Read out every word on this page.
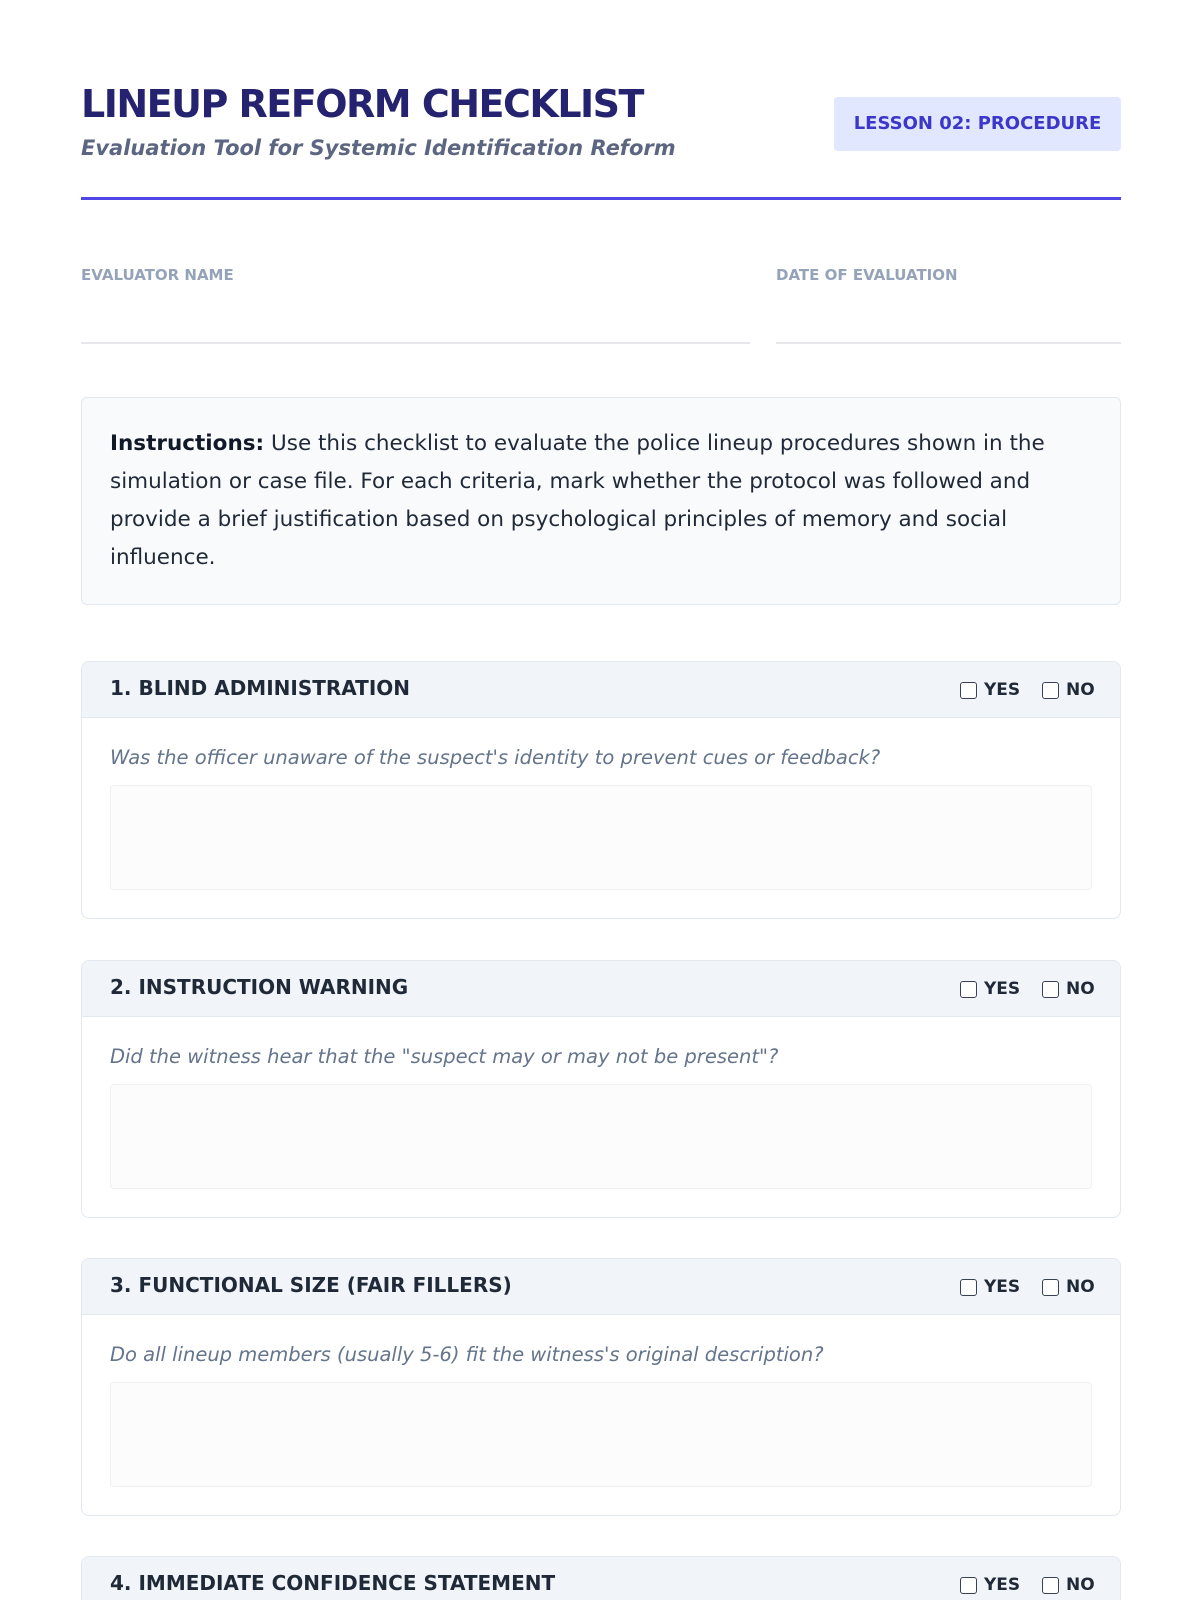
LINEUP REFORM CHECKLIST

Evaluation Tool for Systemic Identification Reform

LESSON 02: PROCEDURE
EVALUATOR NAME	DATE OF EVALUATION
Instructions: Use this checklist to evaluate the police lineup procedures shown in the simulation or case file. For each criteria, mark whether the protocol was followed and provide a brief justification based on psychological principles of memory and social influence.
1. BLIND ADMINISTRATION	YES	NO
Was the officer unaware of the suspect's identity to prevent cues or feedback?
2. INSTRUCTION WARNING	YES	NO
Did the witness hear that the "suspect may or may not be present"?
3. FUNCTIONAL SIZE (FAIR FILLERS)	YES	NO
Do all lineup members (usually 5-6) fit the witness's original description?
4. IMMEDIATE CONFIDENCE STATEMENT	YES	NO
